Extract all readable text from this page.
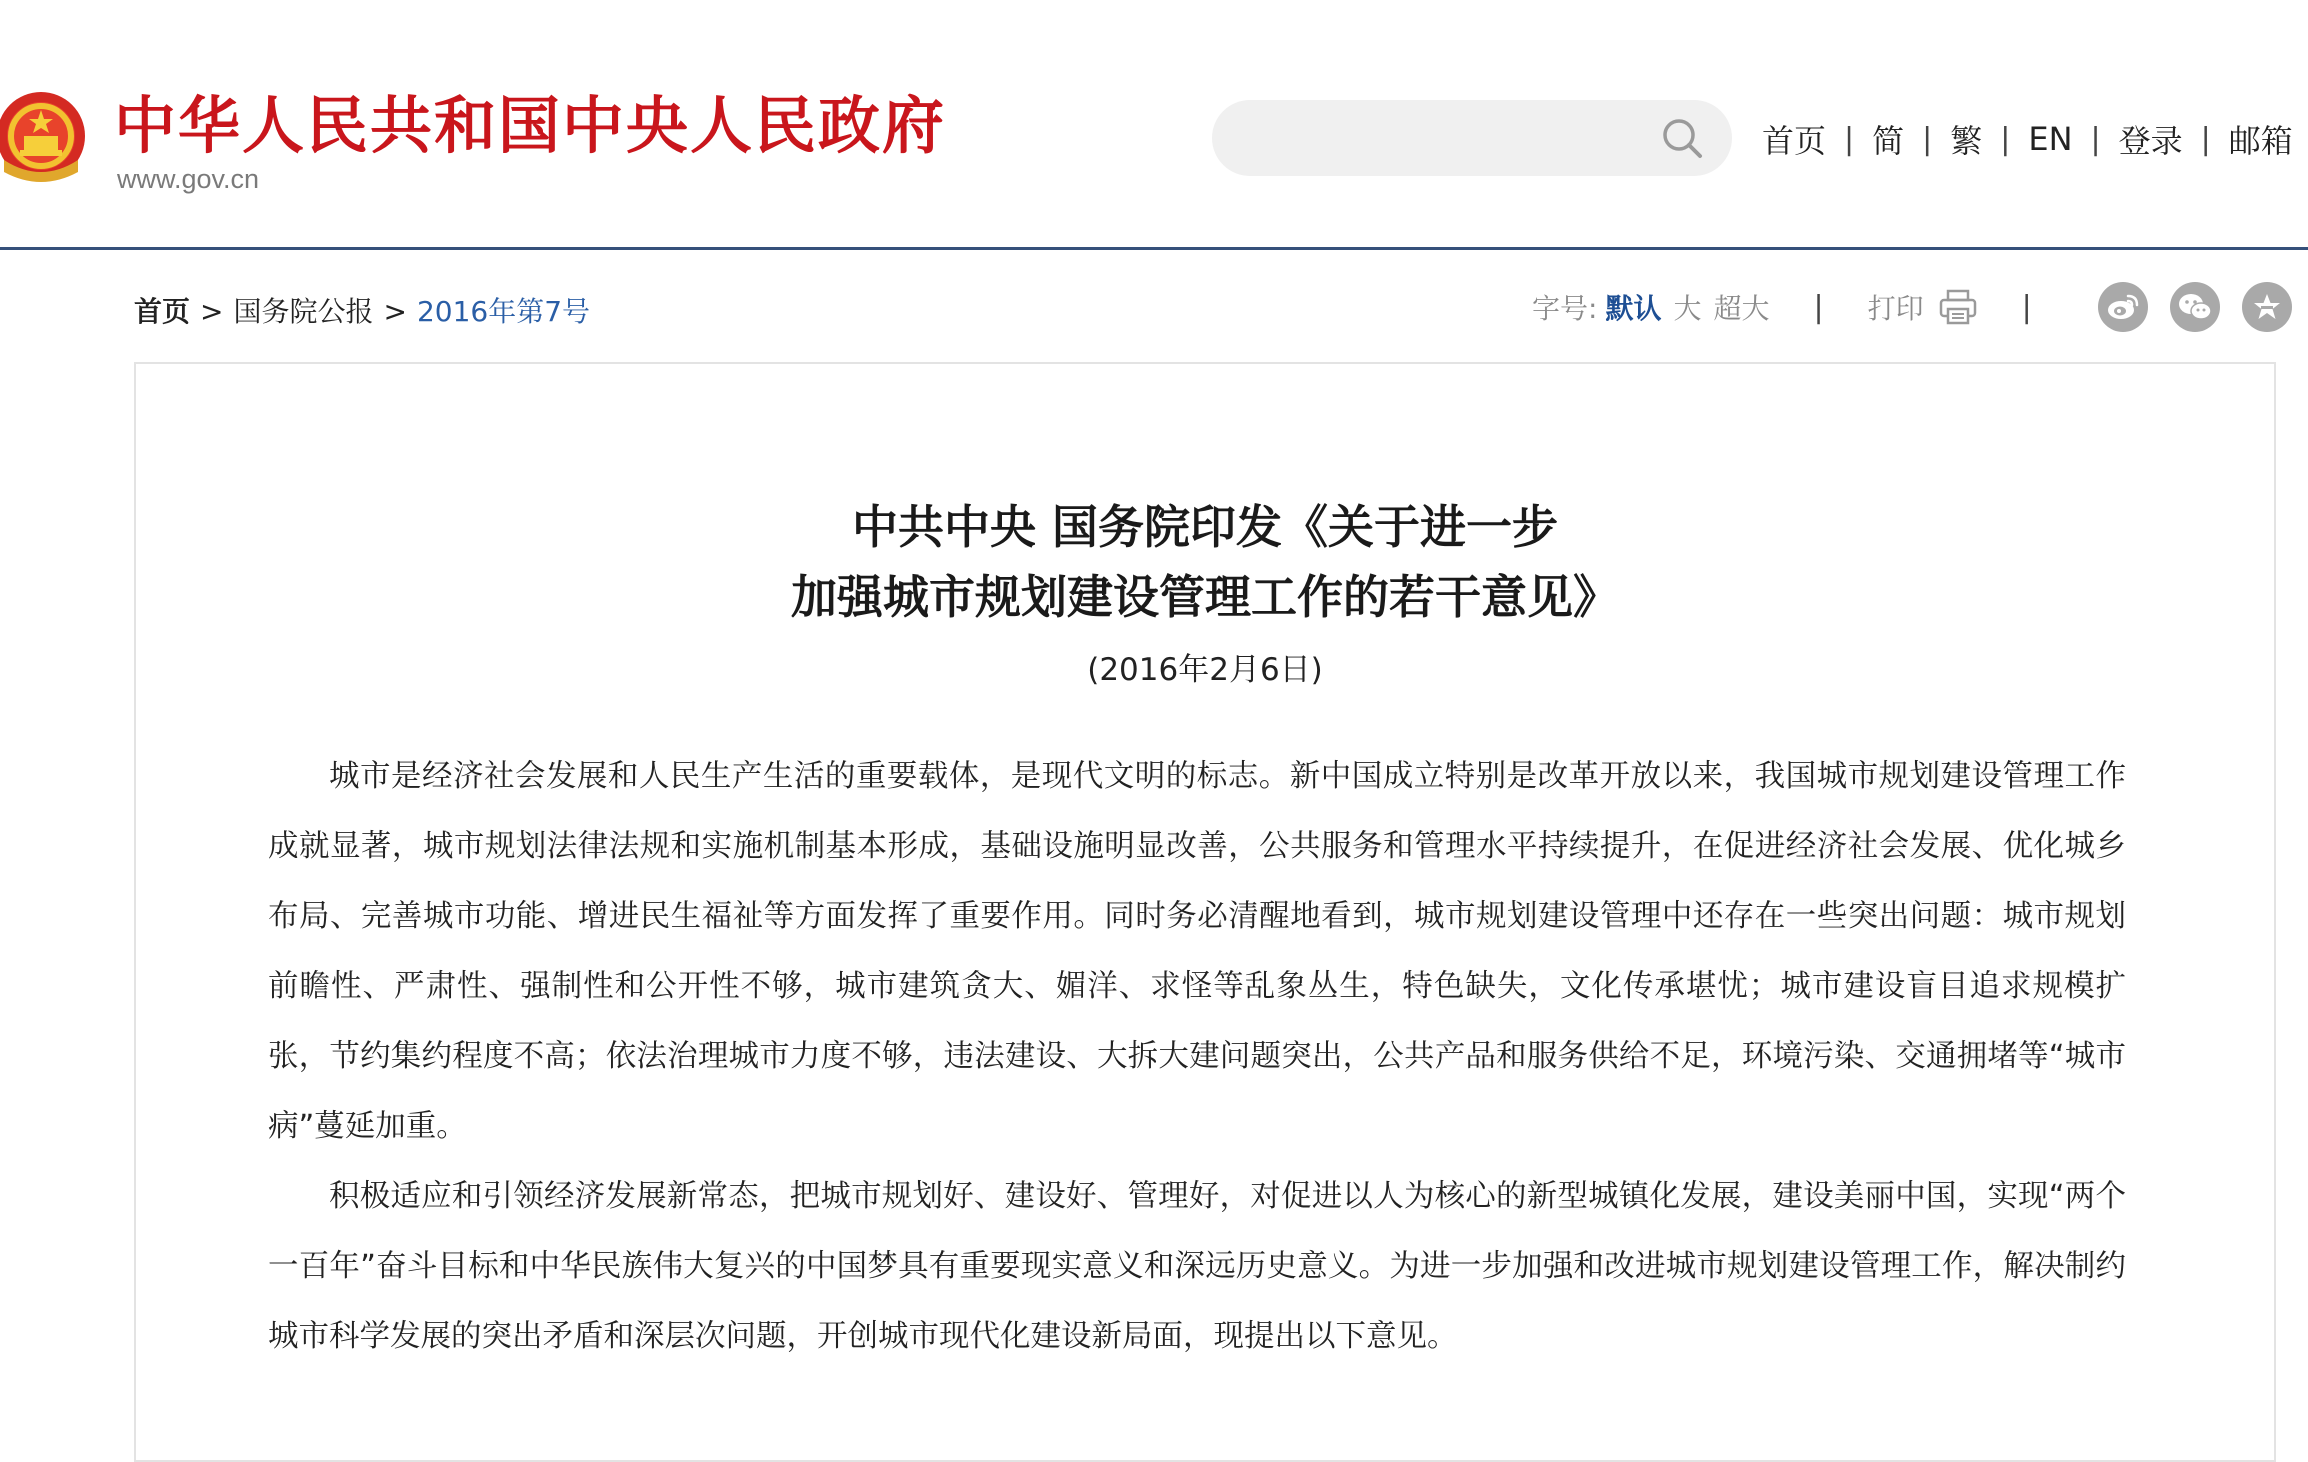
中华人民共和国中央人民政府
www.gov.cn
首页 | 简 | 繁 | EN | 登录 | 邮箱
首页 > 国务院公报 > 2016年第7号	字号: 默认 大 超大 | 打印	|
中共中央 国务院印发《关于进一步
加强城市规划建设管理工作的若干意见》
(2016年2月6日)

城市是经济社会发展和人民生产生活的重要载体，是现代文明的标志。新中国成立特别是改革开放以来，我国城市规划建设管理工作成就显著，城市规划法律法规和实施机制基本形成，基础设施明显改善，公共服务和管理水平持续提升，在促进经济社会发展、优化城乡布局、完善城市功能、增进民生福祉等方面发挥了重要作用。同时务必清醒地看到，城市规划建设管理中还存在一些突出问题：城市规划前瞻性、严肃性、强制性和公开性不够，城市建筑贪大、媚洋、求怪等乱象丛生，特色缺失，文化传承堪忧；城市建设盲目追求规模扩张，节约集约程度不高；依法治理城市力度不够，违法建设、大拆大建问题突出，公共产品和服务供给不足，环境污染、交通拥堵等“城市病”蔓延加重。

积极适应和引领经济发展新常态，把城市规划好、建设好、管理好，对促进以人为核心的新型城镇化发展，建设美丽中国，实现“两个一百年”奋斗目标和中华民族伟大复兴的中国梦具有重要现实意义和深远历史意义。为进一步加强和改进城市规划建设管理工作，解决制约城市科学发展的突出矛盾和深层次问题，开创城市现代化建设新局面，现提出以下意见。
